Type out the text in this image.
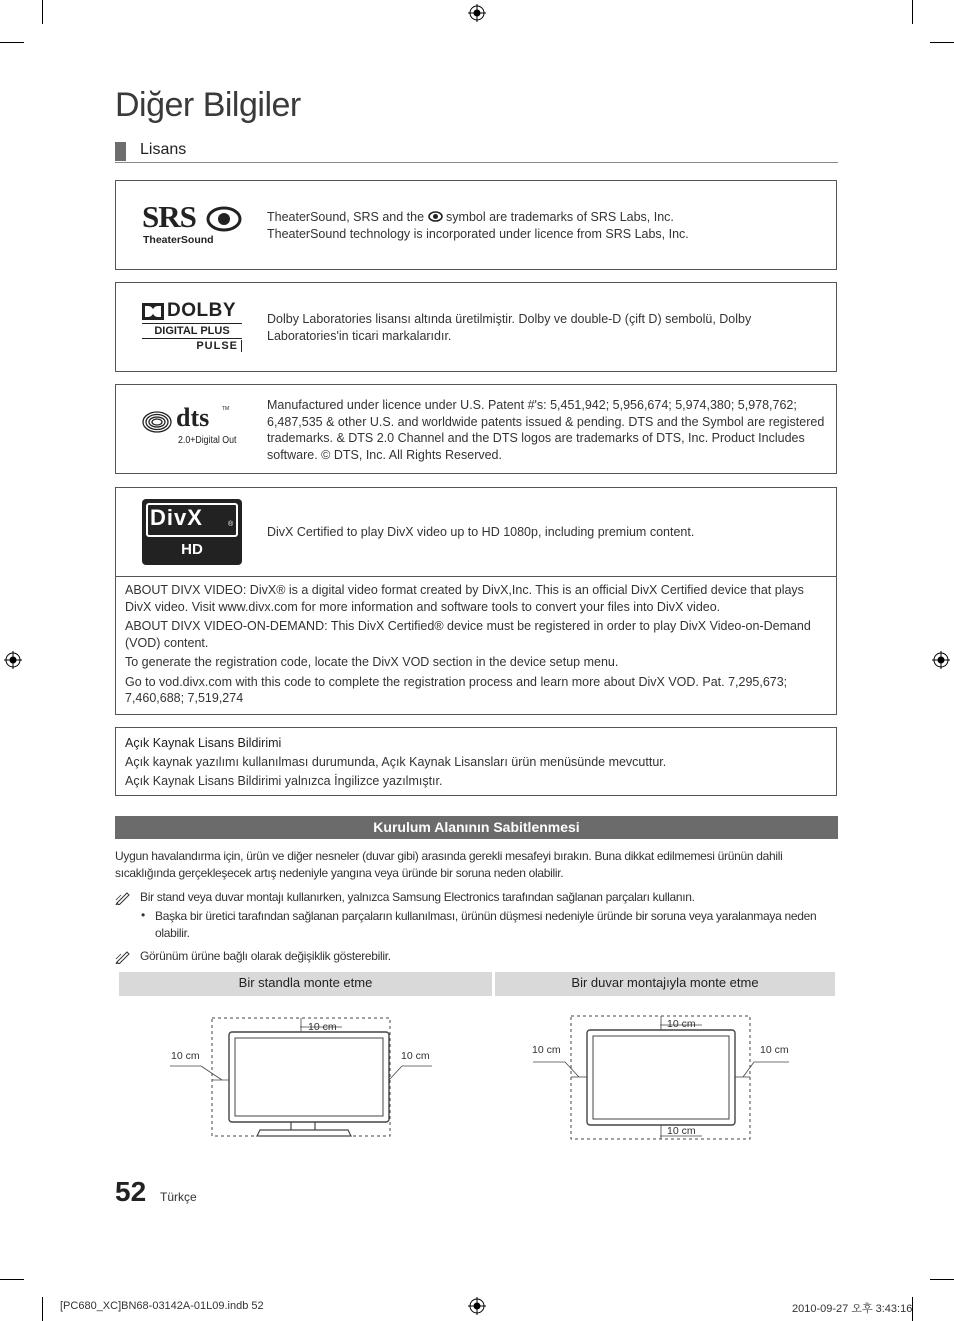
Diğer Bilgiler
Lisans
SRS
TheaterSound
TheaterSound, SRS and the symbol are trademarks of SRS Labs, Inc.
TheaterSound technology is incorporated under licence from SRS Labs, Inc.
DOLBY
DIGITAL PLUS
PULSE
Dolby Laboratories lisansı altında üretilmiştir. Dolby ve double-D (çift D) sembolü, Dolby Laboratories'in ticari markalarıdır.
dts	TM
2.0+Digital Out
Manufactured under licence under U.S. Patent #'s: 5,451,942; 5,956,674; 5,974,380; 5,978,762; 6,487,535 & other U.S. and worldwide patents issued & pending. DTS and the Symbol are registered trademarks. & DTS 2.0 Channel and the DTS logos are trademarks of DTS, Inc. Product Includes software. © DTS, Inc. All Rights Reserved.
DivX	®
HD
DivX Certified to play DivX video up to HD 1080p, including premium content.

ABOUT DIVX VIDEO: DivX® is a digital video format created by DivX,Inc. This is an official DivX Certified device that plays DivX video. Visit www.divx.com for more information and software tools to convert your files into DivX video.

ABOUT DIVX VIDEO-ON-DEMAND: This DivX Certified® device must be registered in order to play DivX Video-on-Demand (VOD) content.

To generate the registration code, locate the DivX VOD section in the device setup menu.

Go to vod.divx.com with this code to complete the registration process and learn more about DivX VOD. Pat. 7,295,673; 7,460,688; 7,519,274

Açık Kaynak Lisans Bildirimi
Açık kaynak yazılımı kullanılması durumunda, Açık Kaynak Lisansları ürün menüsünde mevcuttur.
Açık Kaynak Lisans Bildirimi yalnızca İngilizce yazılmıştır.
Kurulum Alanının Sabitlenmesi
Uygun havalandırma için, ürün ve diğer nesneler (duvar gibi) arasında gerekli mesafeyi bırakın. Buna dikkat edilmemesi ürünün dahili sıcaklığında gerçekleşecek artış nedeniyle yangına veya üründe bir soruna neden olabilir.
Bir stand veya duvar montajı kullanırken, yalnızca Samsung Electronics tarafından sağlanan parçaları kullanın.
• Başka bir üretici tarafından sağlanan parçaların kullanılması, ürünün düşmesi nedeniyle üründe bir soruna veya yaralanmaya neden olabilir.
Görünüm ürüne bağlı olarak değişiklik gösterebilir.
Bir standla monte etme	Bir duvar montajıyla monte etme
10 cm
10 cm	10 cm
10 cm
10 cm
10 cm	10 cm
52 Türkçe
[PC680_XC]BN68-03142A-01L09.indb 52	2010-09-27 오후 3:43:16
